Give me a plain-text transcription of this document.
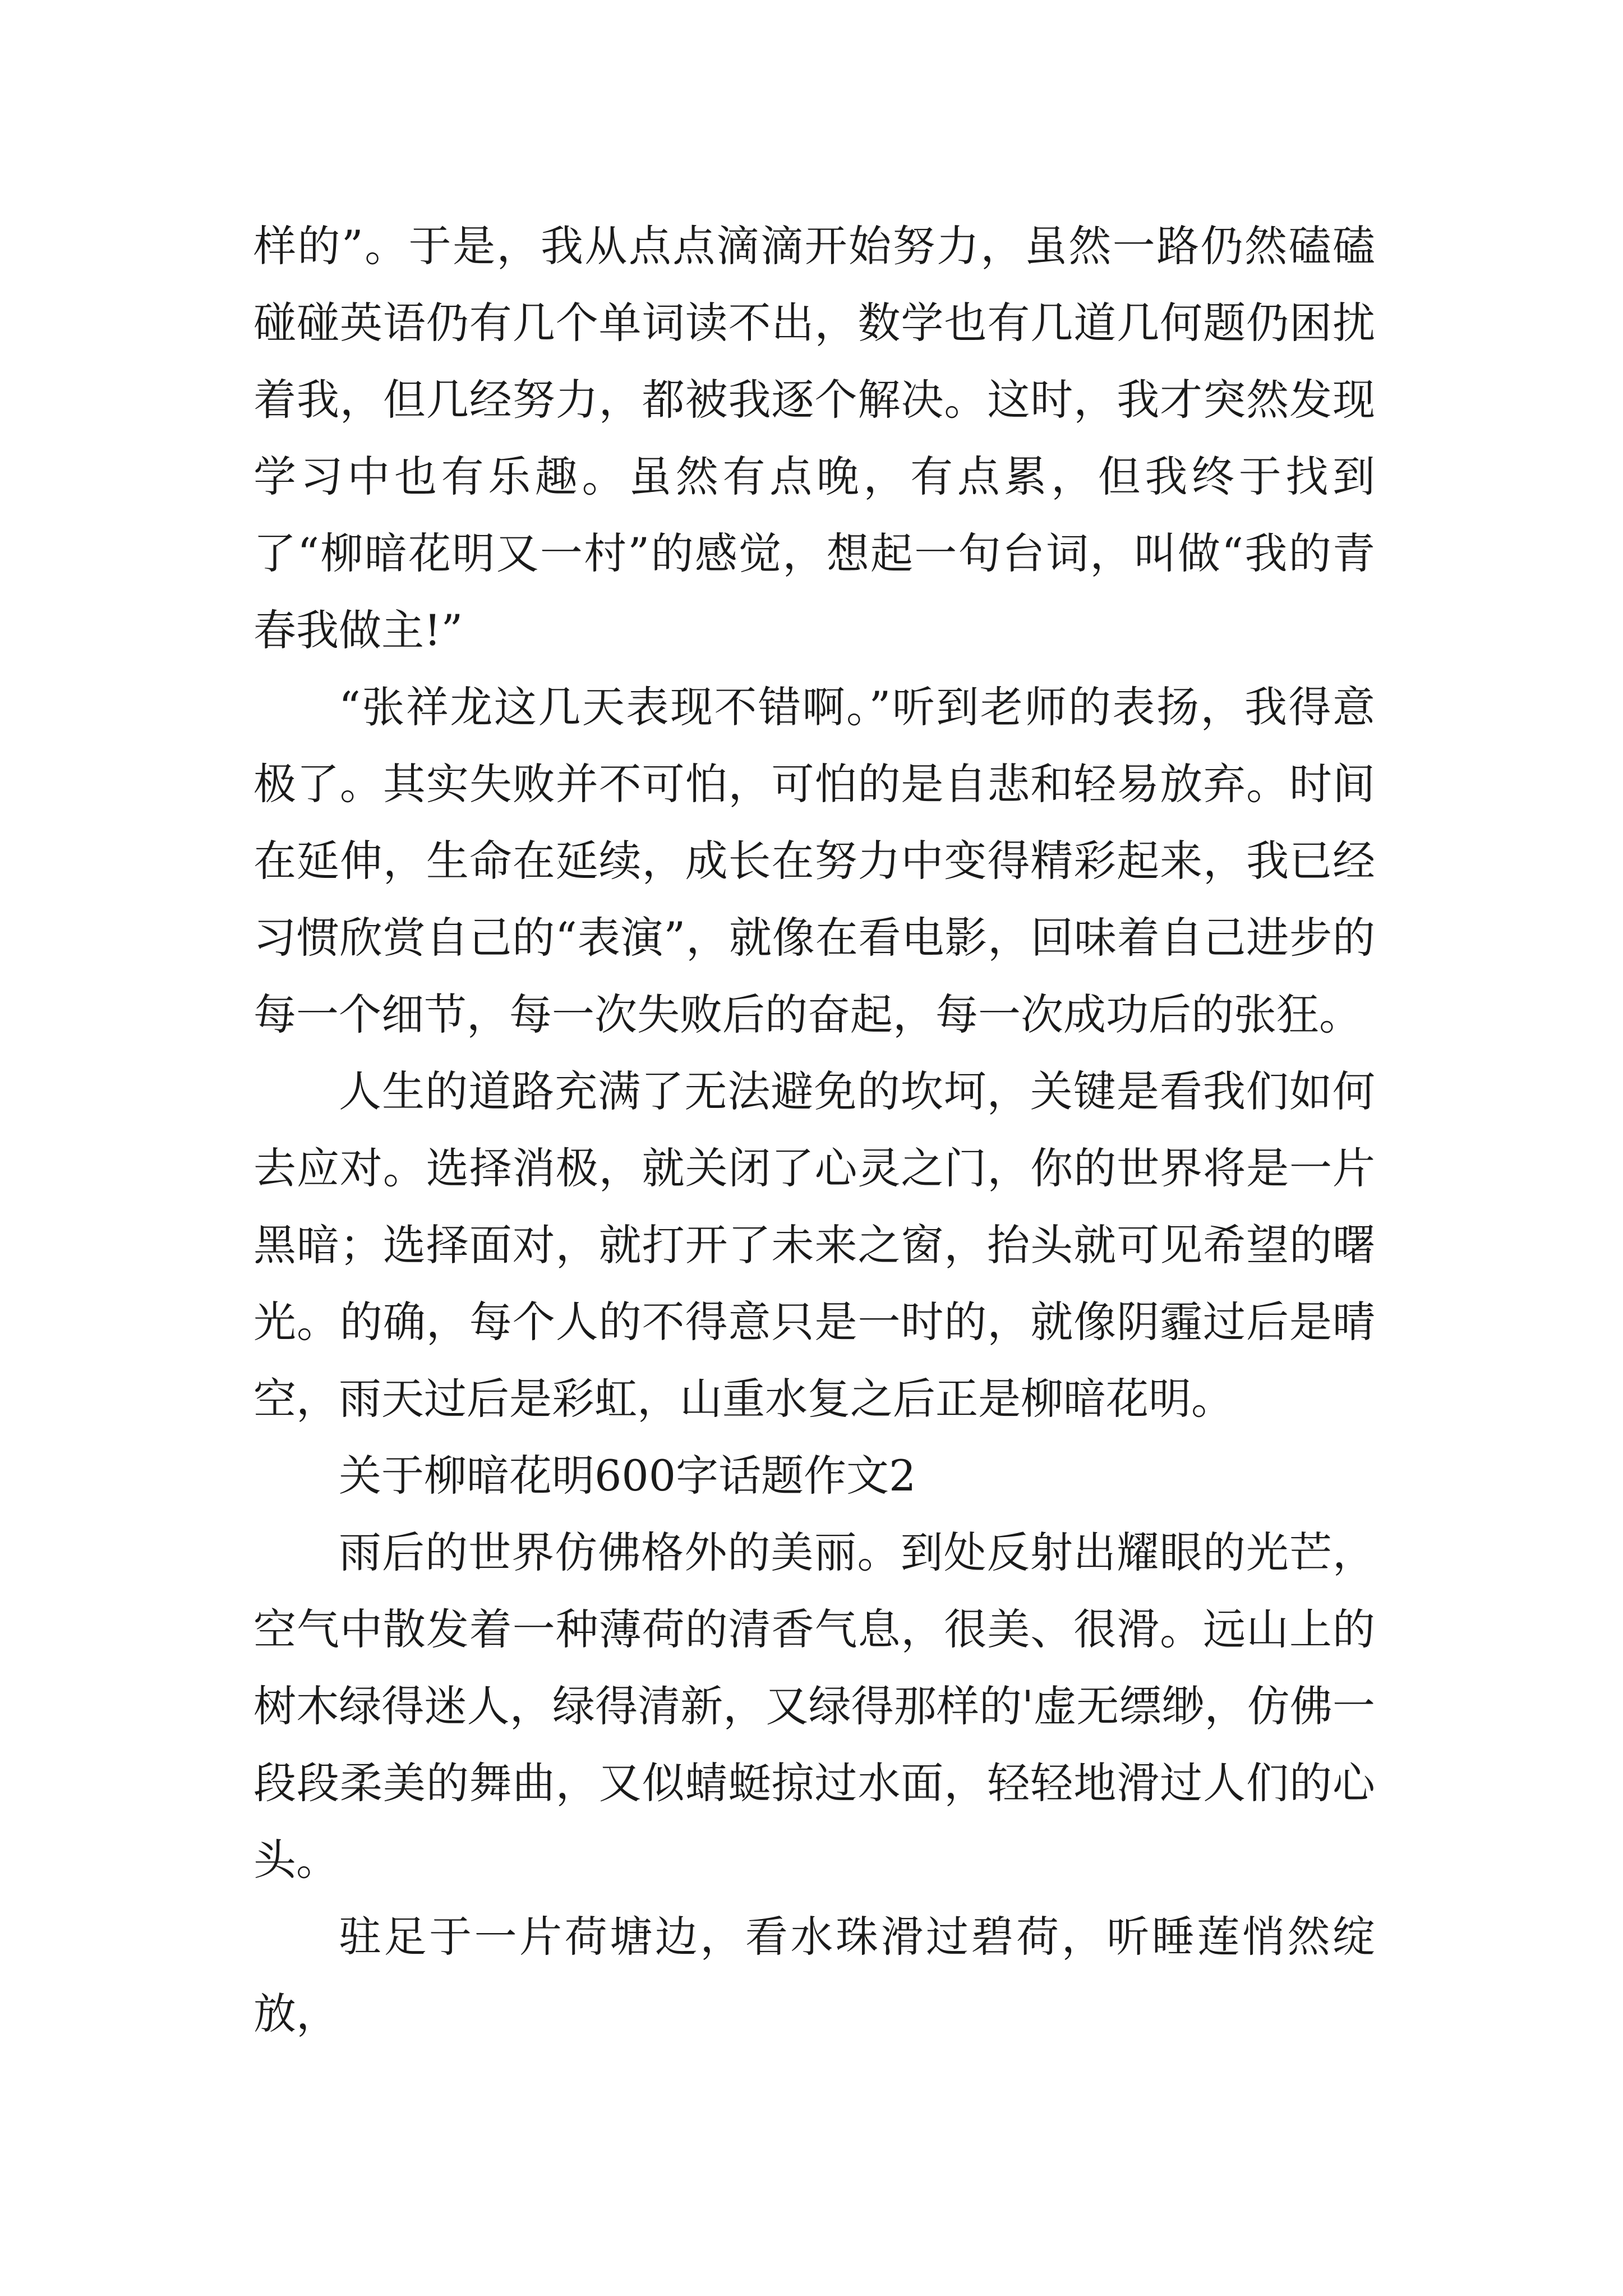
样的”。于是，我从点点滴滴开始努力，虽然一路仍然磕磕碰碰英语仍有几个单词读不出，数学也有几道几何题仍困扰着我，但几经努力，都被我逐个解决。这时，我才突然发现学习中也有乐趣。虽然有点晚，有点累，但我终于找到了“柳暗花明又一村”的感觉，想起一句台词，叫做“我的青春我做主!”

“张祥龙这几天表现不错啊。”听到老师的表扬，我得意极了。其实失败并不可怕，可怕的是自悲和轻易放弃。时间在延伸，生命在延续，成长在努力中变得精彩起来，我已经习惯欣赏自己的“表演”，就像在看电影，回味着自己进步的每一个细节，每一次失败后的奋起，每一次成功后的张狂。

人生的道路充满了无法避免的坎坷，关键是看我们如何去应对。选择消极，就关闭了心灵之门，你的世界将是一片黑暗；选择面对，就打开了未来之窗，抬头就可见希望的曙光。的确，每个人的不得意只是一时的，就像阴霾过后是晴空，雨天过后是彩虹，山重水复之后正是柳暗花明。

关于柳暗花明600字话题作文2

雨后的世界仿佛格外的美丽。到处反射出耀眼的光芒，空气中散发着一种薄荷的清香气息，很美、很滑。远山上的树木绿得迷人，绿得清新，又绿得那样的'虚无缥缈，仿佛一段段柔美的舞曲，又似蜻蜓掠过水面，轻轻地滑过人们的心头。

驻足于一片荷塘边，看水珠滑过碧荷，听睡莲悄然绽放，
